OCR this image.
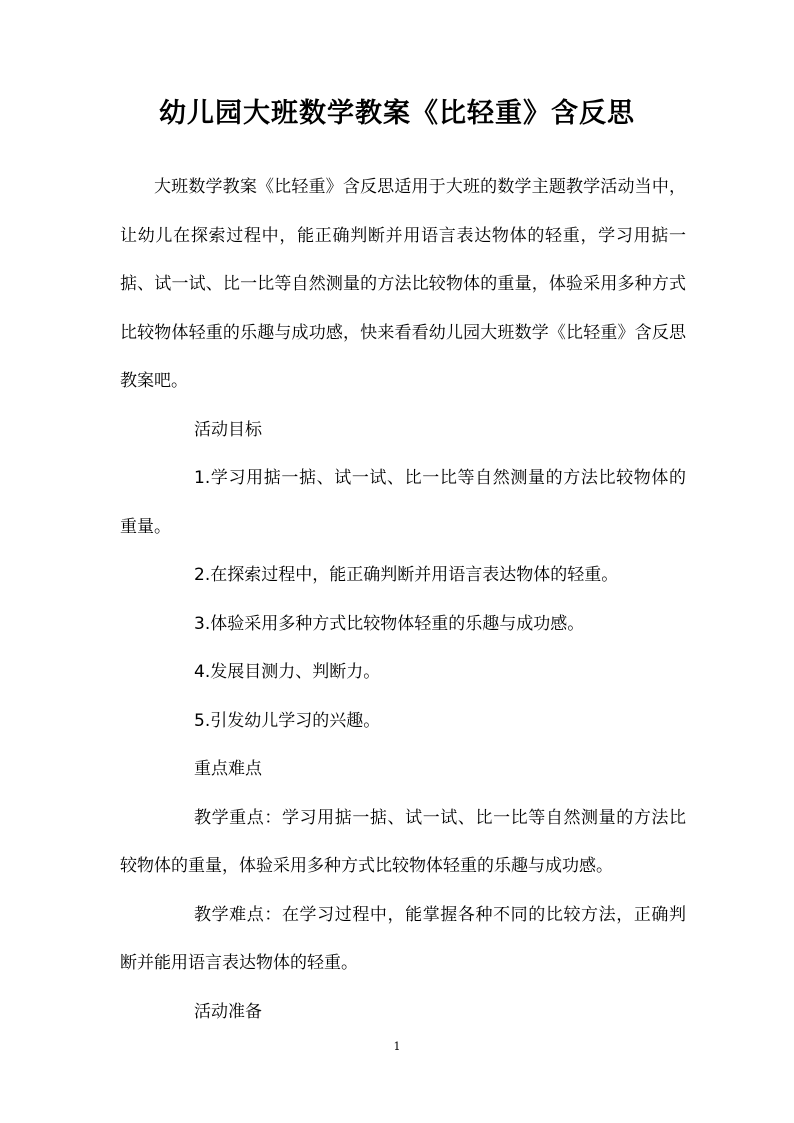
幼儿园大班数学教案《比轻重》含反思

大班数学教案《比轻重》含反思适用于大班的数学主题教学活动当中，让幼儿在探索过程中，能正确判断并用语言表达物体的轻重，学习用掂一掂、试一试、比一比等自然测量的方法比较物体的重量，体验采用多种方式比较物体轻重的乐趣与成功感，快来看看幼儿园大班数学《比轻重》含反思教案吧。

活动目标

1.学习用掂一掂、试一试、比一比等自然测量的方法比较物体的重量。

2.在探索过程中，能正确判断并用语言表达物体的轻重。

3.体验采用多种方式比较物体轻重的乐趣与成功感。

4.发展目测力、判断力。

5.引发幼儿学习的兴趣。

重点难点

教学重点：学习用掂一掂、试一试、比一比等自然测量的方法比较物体的重量，体验采用多种方式比较物体轻重的乐趣与成功感。

教学难点：在学习过程中，能掌握各种不同的比较方法，正确判断并能用语言表达物体的轻重。

活动准备

1
